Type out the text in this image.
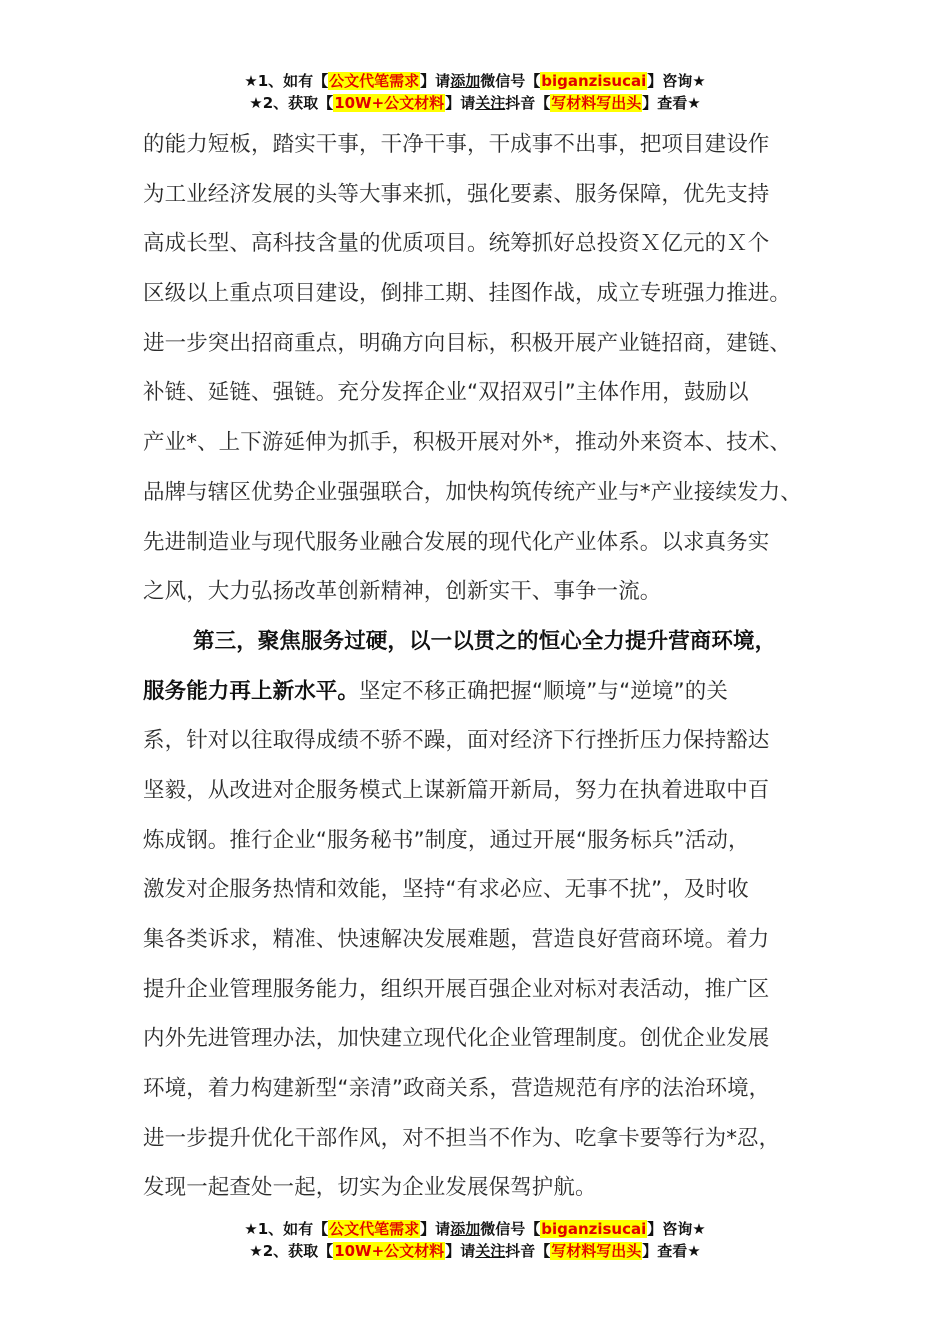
★1、如有【公文代笔需求】请添加微信号【biganzisucai】咨询★
★2、获取【10W+公文材料】请关注抖音【写材料写出头】查看★
的能力短板，踏实干事，干净干事，干成事不出事，把项目建设作
为工业经济发展的头等大事来抓，强化要素、服务保障，优先支持
高成长型、高科技含量的优质项目。统筹抓好总投资Ｘ亿元的Ｘ个
区级以上重点项目建设，倒排工期、挂图作战，成立专班强力推进。
进一步突出招商重点，明确方向目标，积极开展产业链招商，建链、
补链、延链、强链。充分发挥企业“双招双引”主体作用，鼓励以
产业*、上下游延伸为抓手，积极开展对外*，推动外来资本、技术、
品牌与辖区优势企业强强联合，加快构筑传统产业与*产业接续发力、
先进制造业与现代服务业融合发展的现代化产业体系。以求真务实
之风，大力弘扬改革创新精神，创新实干、事争一流。
第三，聚焦服务过硬，以一以贯之的恒心全力提升营商环境，
服务能力再上新水平。坚定不移正确把握“顺境”与“逆境”的关
系，针对以往取得成绩不骄不躁，面对经济下行挫折压力保持豁达
坚毅，从改进对企服务模式上谋新篇开新局，努力在执着进取中百
炼成钢。推行企业“服务秘书”制度，通过开展“服务标兵”活动，
激发对企服务热情和效能，坚持“有求必应、无事不扰”，及时收
集各类诉求，精准、快速解决发展难题，营造良好营商环境。着力
提升企业管理服务能力，组织开展百强企业对标对表活动，推广区
内外先进管理办法，加快建立现代化企业管理制度。创优企业发展
环境，着力构建新型“亲清”政商关系，营造规范有序的法治环境，
进一步提升优化干部作风，对不担当不作为、吃拿卡要等行为*忍，
发现一起查处一起，切实为企业发展保驾护航。
★1、如有【公文代笔需求】请添加微信号【biganzisucai】咨询★
★2、获取【10W+公文材料】请关注抖音【写材料写出头】查看★
